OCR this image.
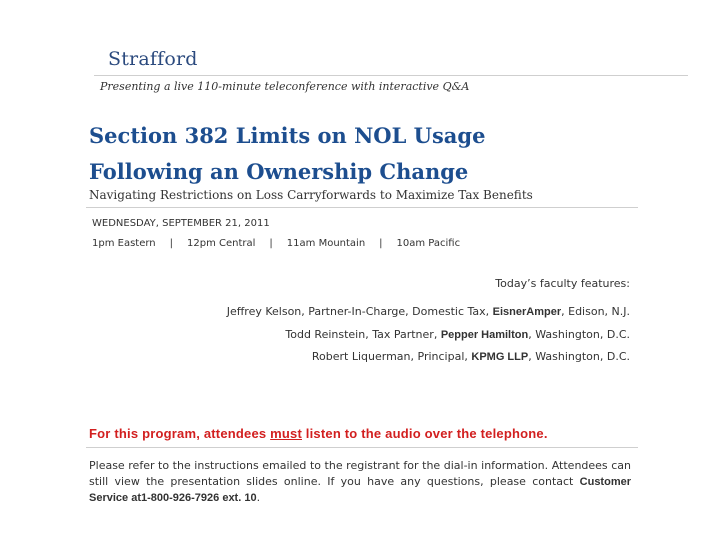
Strafford
Presenting a live 110-minute teleconference with interactive Q&A
Section 382 Limits on NOL Usage
Following an Ownership Change
Navigating Restrictions on Loss Carryforwards to Maximize Tax Benefits
WEDNESDAY, SEPTEMBER 21, 2011
1pm Eastern | 12pm Central | 11am Mountain | 10am Pacific
Today’s faculty features:
Jeffrey Kelson, Partner-In-Charge, Domestic Tax, EisnerAmper, Edison, N.J.
Todd Reinstein, Tax Partner, Pepper Hamilton, Washington, D.C.
Robert Liquerman, Principal, KPMG LLP, Washington, D.C.
For this program, attendees must listen to the audio over the telephone.
Please refer to the instructions emailed to the registrant for the dial-in information. Attendees can still view the presentation slides online. If you have any questions, please contact Customer Service at1-800-926-7926 ext. 10.
